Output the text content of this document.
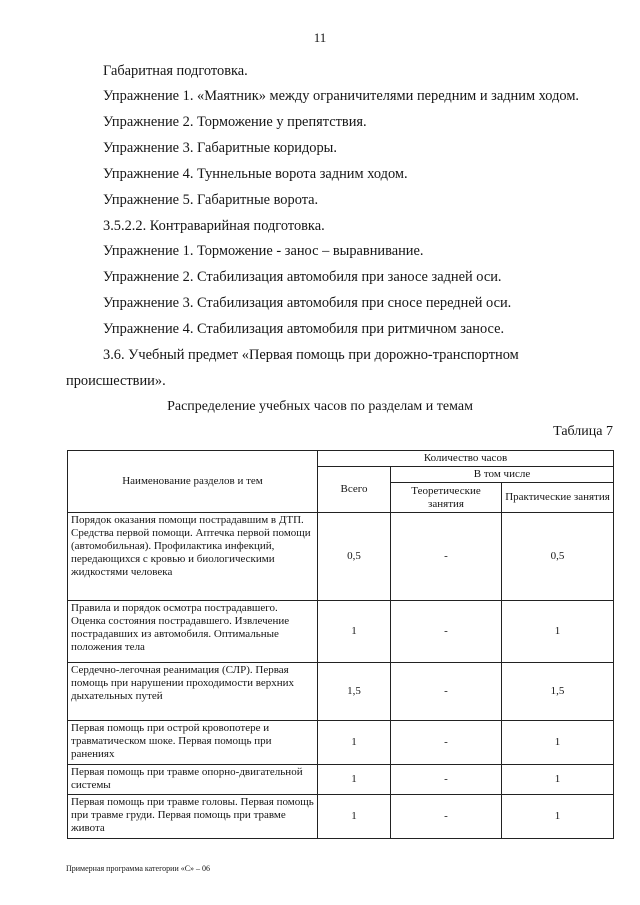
11
Габаритная подготовка.
Упражнение 1. «Маятник» между ограничителями передним и задним ходом.
Упражнение 2. Торможение у препятствия.
Упражнение 3. Габаритные коридоры.
Упражнение 4. Туннельные ворота задним ходом.
Упражнение 5. Габаритные ворота.
3.5.2.2. Контраварийная подготовка.
Упражнение 1. Торможение - занос – выравнивание.
Упражнение 2. Стабилизация автомобиля при заносе задней оси.
Упражнение 3. Стабилизация автомобиля при сносе передней оси.
Упражнение 4. Стабилизация автомобиля при ритмичном заносе.
3.6. Учебный предмет «Первая помощь при дорожно-транспортном
происшествии».
Распределение учебных часов по разделам и темам
Таблица 7
Наименование разделов и тем	Количество часов		
	Всего	В том числе	
		Теоретические занятия	Практические занятия
Порядок оказания помощи пострадавшим в ДТП. Средства первой помощи. Аптечка первой помощи (автомобильная). Профилактика инфекций, передающихся с кровью и биологическими жидкостями человека	0,5	-	0,5
Правила и порядок осмотра пострадавшего. Оценка состояния пострадавшего. Извлечение пострадавших из автомобиля. Оптимальные положения тела	1	-	1
Сердечно-легочная реанимация (СЛР). Первая помощь при нарушении проходимости верхних дыхательных путей	1,5	-	1,5
Первая помощь при острой кровопотере и травматическом шоке. Первая помощь при ранениях	1	-	1
Первая помощь при травме опорно-двигательной системы	1	-	1
Первая помощь при травме головы. Первая помощь при травме груди. Первая помощь при травме живота	1	-	1
Примерная программа категории «С» – 06
